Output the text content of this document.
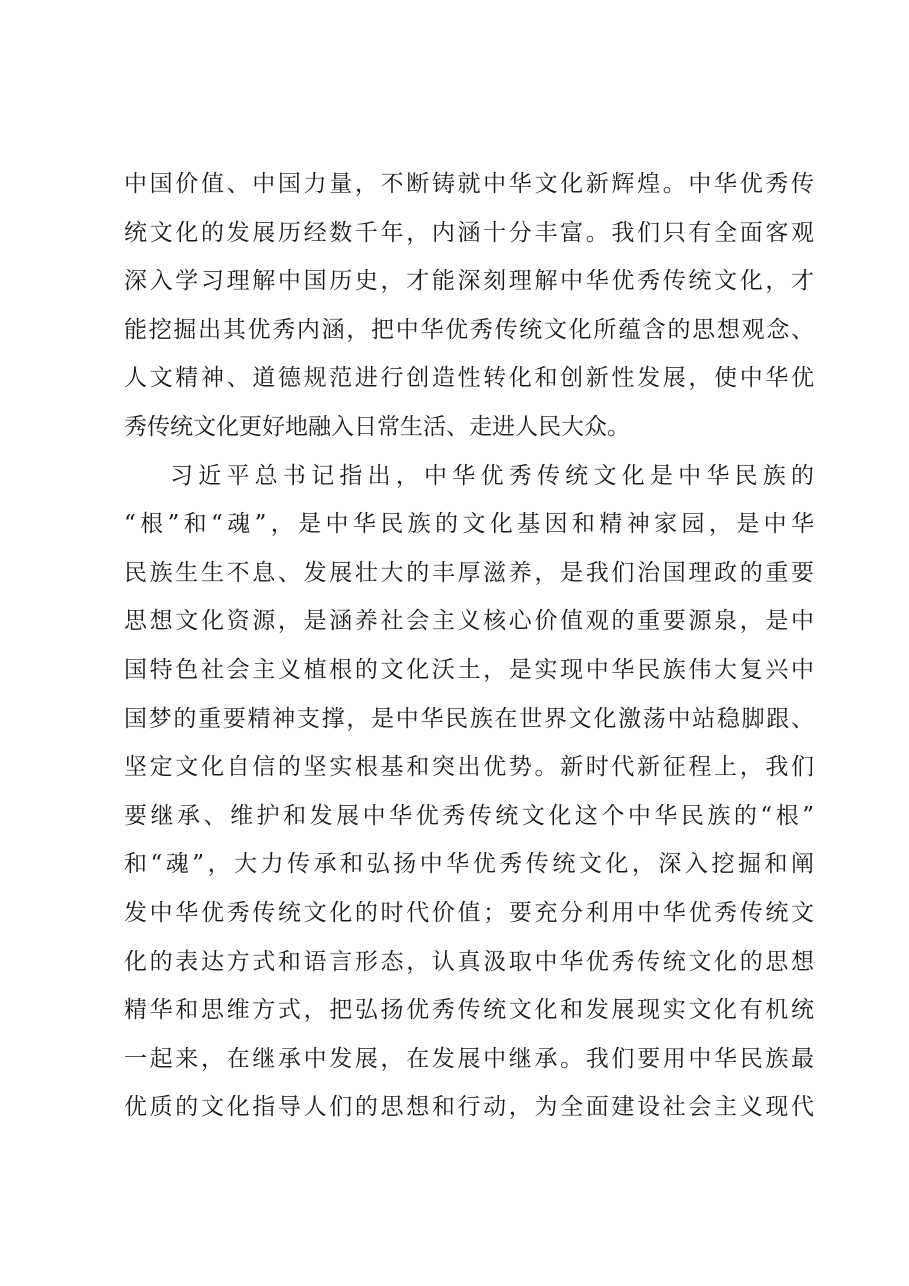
中国价值、中国力量，不断铸就中华文化新辉煌。中华优秀传
统文化的发展历经数千年，内涵十分丰富。我们只有全面客观
深入学习理解中国历史，才能深刻理解中华优秀传统文化，才
能挖掘出其优秀内涵，把中华优秀传统文化所蕴含的思想观念、
人文精神、道德规范进行创造性转化和创新性发展，使中华优
秀传统文化更好地融入日常生活、走进人民大众。
习近平总书记指出，中华优秀传统文化是中华民族的
“根”和“魂”，是中华民族的文化基因和精神家园，是中华
民族生生不息、发展壮大的丰厚滋养，是我们治国理政的重要
思想文化资源，是涵养社会主义核心价值观的重要源泉，是中
国特色社会主义植根的文化沃土，是实现中华民族伟大复兴中
国梦的重要精神支撑，是中华民族在世界文化激荡中站稳脚跟、
坚定文化自信的坚实根基和突出优势。新时代新征程上，我们
要继承、维护和发展中华优秀传统文化这个中华民族的“根”
和“魂”，大力传承和弘扬中华优秀传统文化，深入挖掘和阐
发中华优秀传统文化的时代价值；要充分利用中华优秀传统文
化的表达方式和语言形态，认真汲取中华优秀传统文化的思想
精华和思维方式，把弘扬优秀传统文化和发展现实文化有机统
一起来，在继承中发展，在发展中继承。我们要用中华民族最
优质的文化指导人们的思想和行动，为全面建设社会主义现代
